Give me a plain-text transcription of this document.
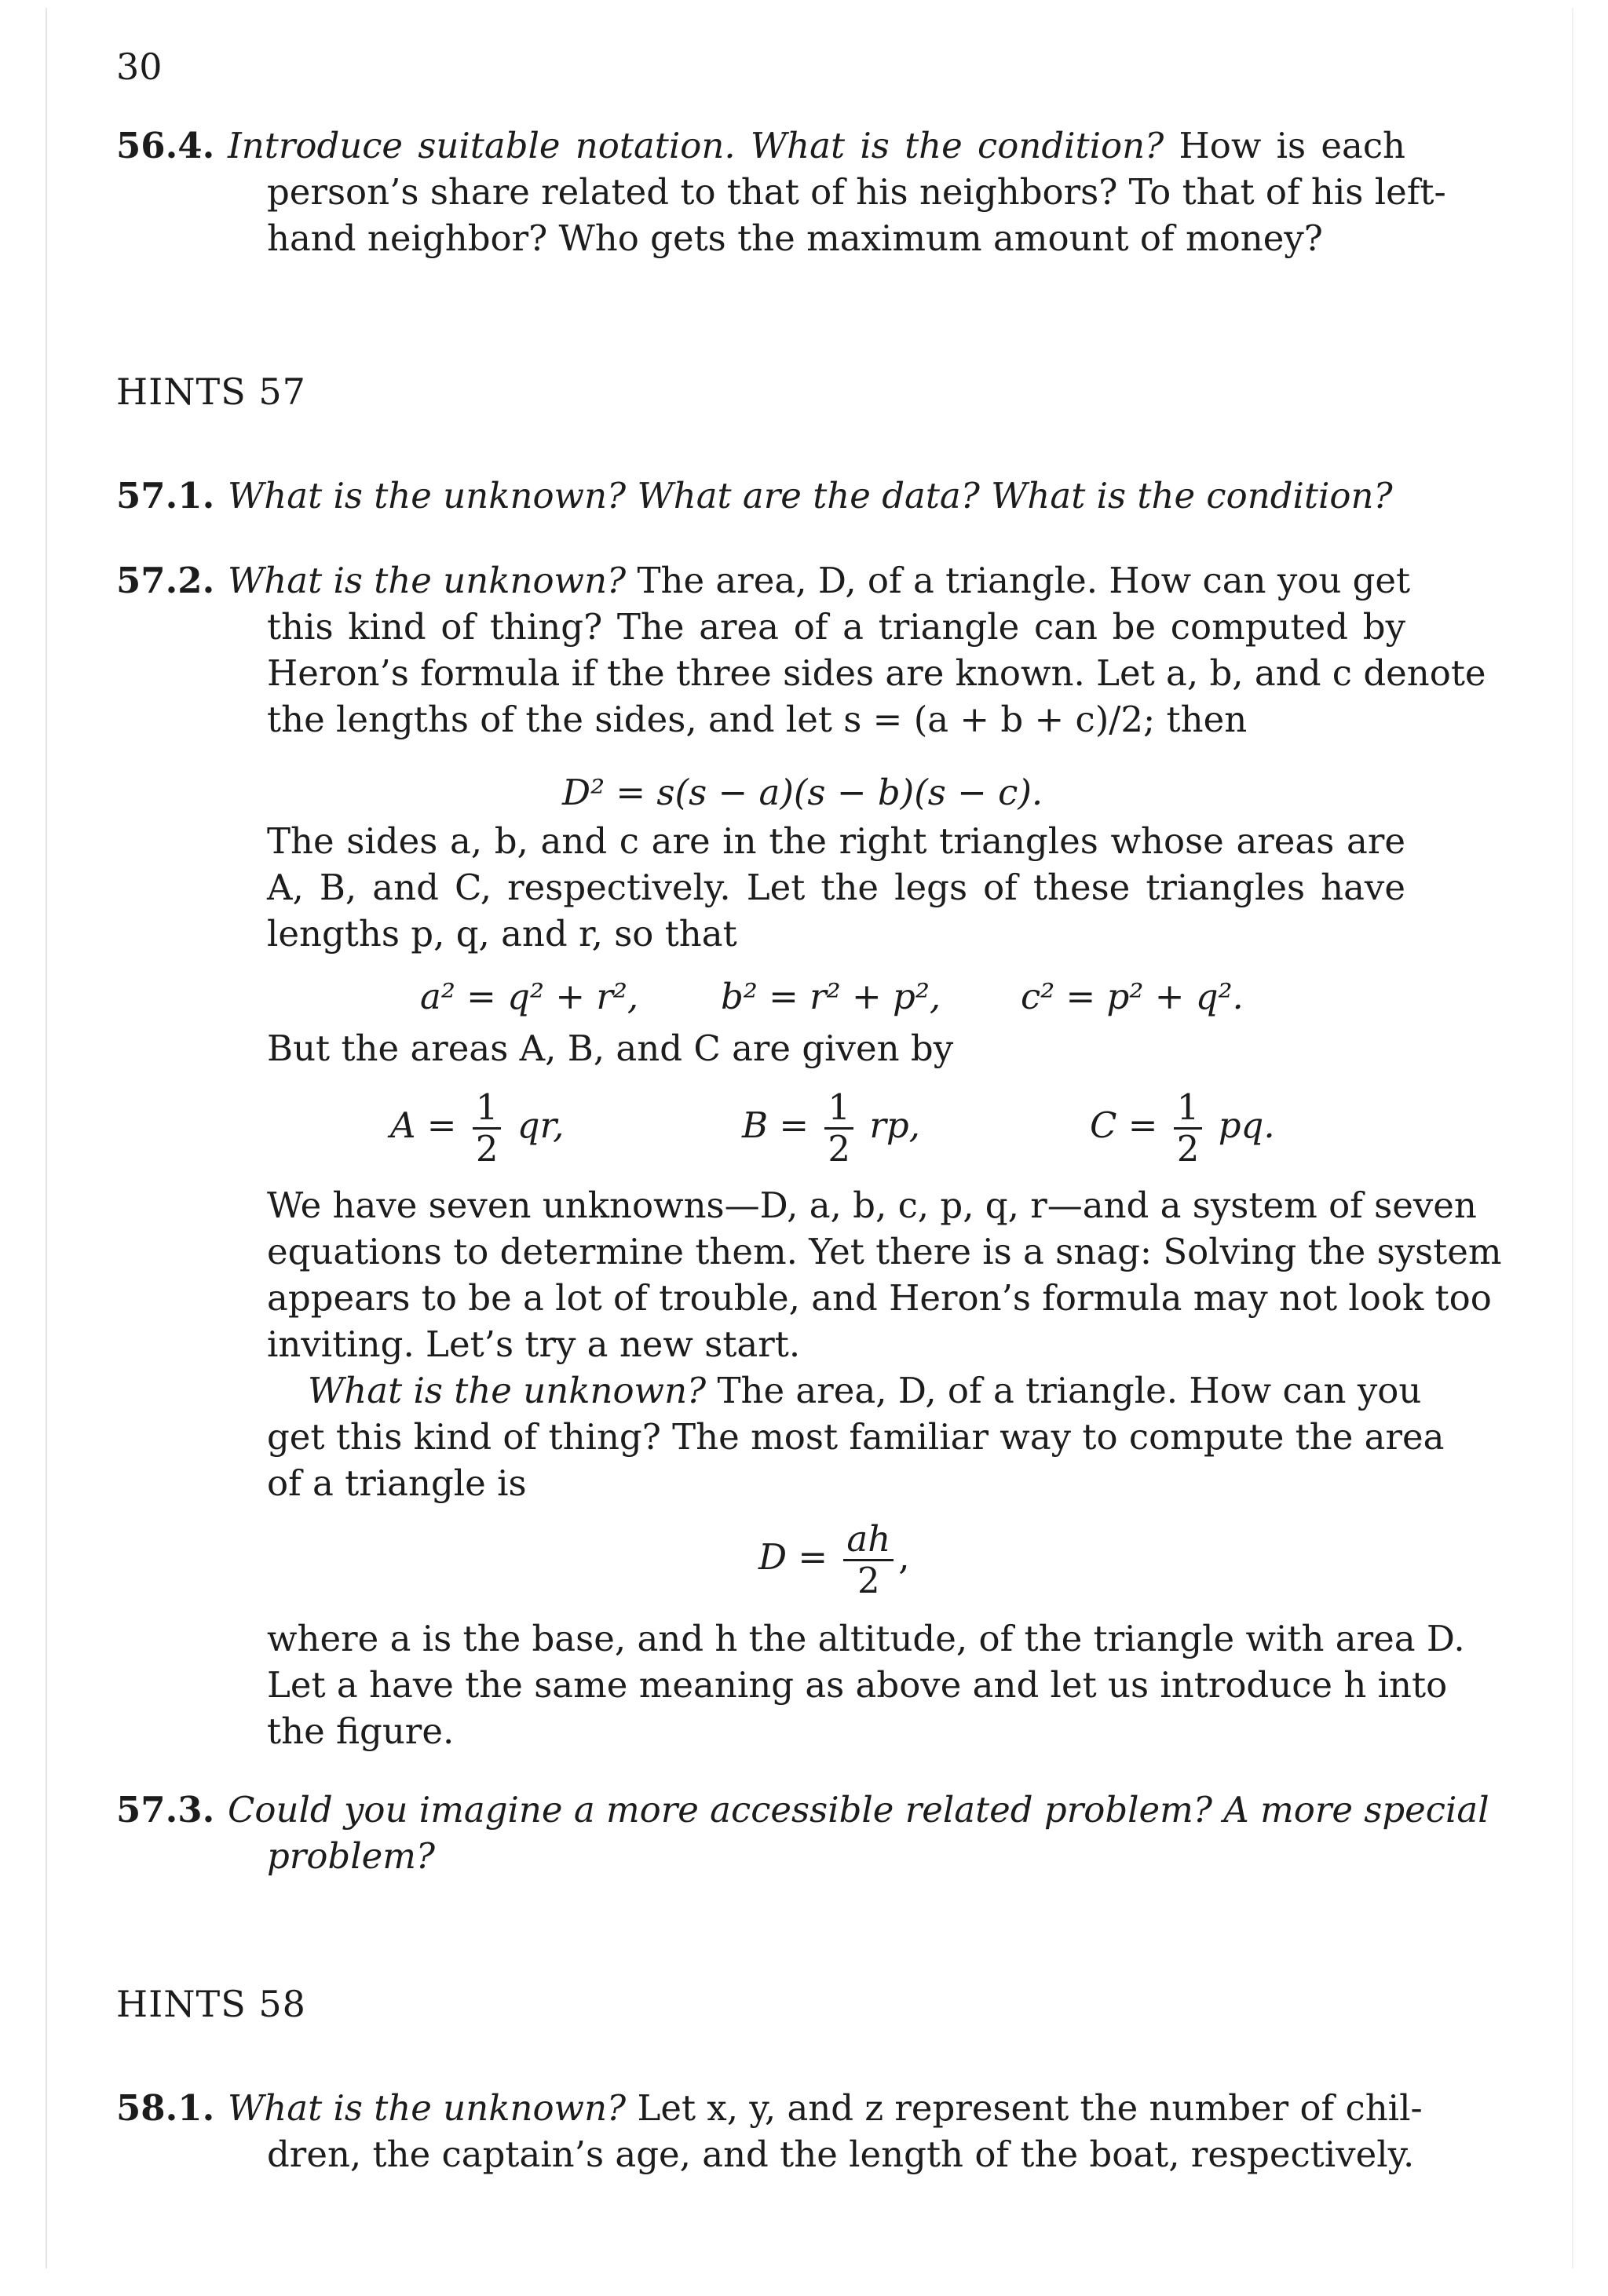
30
56.4. Introduce suitable notation. What is the condition? How is each
person’s share related to that of his neighbors? To that of his left-
hand neighbor? Who gets the maximum amount of money?
HINTS 57
57.1. What is the unknown? What are the data? What is the condition?
57.2. What is the unknown? The area, D, of a triangle. How can you get
this kind of thing? The area of a triangle can be computed by
Heron’s formula if the three sides are known. Let a, b, and c denote
the lengths of the sides, and let s = (a + b + c)/2; then
D² = s(s − a)(s − b)(s − c).
The sides a, b, and c are in the right triangles whose areas are
A, B, and C, respectively. Let the legs of these triangles have
lengths p, q, and r, so that
a² = q² + r², b² = r² + p², c² = p² + q².
But the areas A, B, and C are given by
$A = \frac{1}{2}$ qr,	$B = \frac{1}{2}$ rp,	$C = \frac{1}{2}$ pq.
We have seven unknowns—D, a, b, c, p, q, r—and a system of seven
equations to determine them. Yet there is a snag: Solving the system
appears to be a lot of trouble, and Heron’s formula may not look too
inviting. Let’s try a new start.
What is the unknown? The area, D, of a triangle. How can you
get this kind of thing? The most familiar way to compute the area
of a triangle is
$D = \frac{ah}{2}$ ,
where a is the base, and h the altitude, of the triangle with area D.
Let a have the same meaning as above and let us introduce h into
the figure.
57.3. Could you imagine a more accessible related problem? A more special
problem?
HINTS 58
58.1. What is the unknown? Let x, y, and z represent the number of chil-
dren, the captain’s age, and the length of the boat, respectively.
